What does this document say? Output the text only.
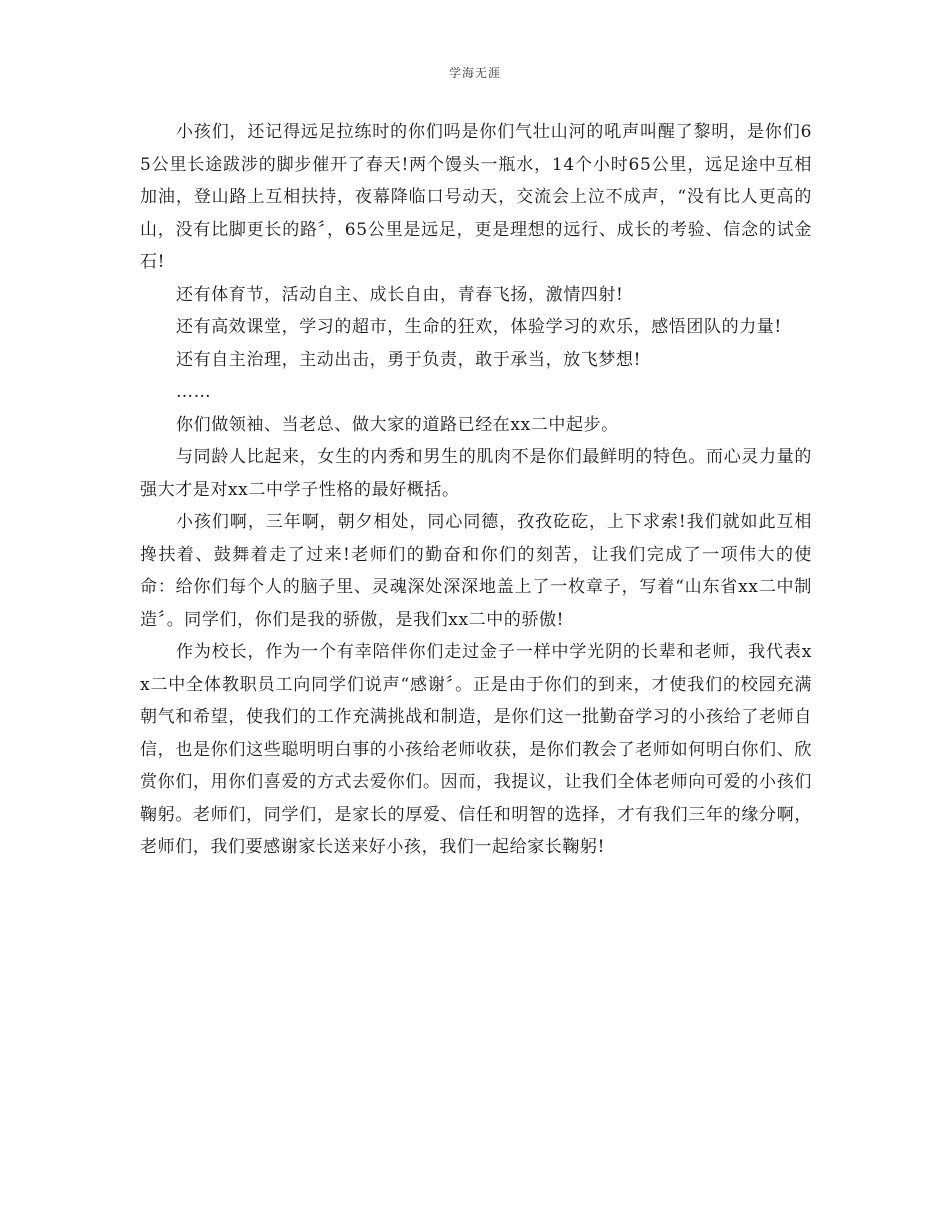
学海无涯

小孩们，还记得远足拉练时的你们吗是你们气壮山河的吼声叫醒了黎明，是你们65公里长途跋涉的脚步催开了春天!两个馒头一瓶水，14个小时65公里，远足途中互相加油，登山路上互相扶持，夜幕降临口号动天，交流会上泣不成声，“没有比人更高的山，没有比脚更长的路〞，65公里是远足，更是理想的远行、成长的考验、信念的试金石!

还有体育节，活动自主、成长自由，青春飞扬，激情四射!

还有高效课堂，学习的超市，生命的狂欢，体验学习的欢乐，感悟团队的力量!

还有自主治理，主动出击，勇于负责，敢于承当，放飞梦想!

……

你们做领袖、当老总、做大家的道路已经在xx二中起步。

与同龄人比起来，女生的内秀和男生的肌肉不是你们最鲜明的特色。而心灵力量的强大才是对xx二中学子性格的最好概括。

小孩们啊，三年啊，朝夕相处，同心同德，孜孜矻矻，上下求索!我们就如此互相搀扶着、鼓舞着走了过来!老师们的勤奋和你们的刻苦，让我们完成了一项伟大的使命：给你们每个人的脑子里、灵魂深处深深地盖上了一枚章子，写着“山东省xx二中制造〞。同学们，你们是我的骄傲，是我们xx二中的骄傲!

作为校长，作为一个有幸陪伴你们走过金子一样中学光阴的长辈和老师，我代表xx二中全体教职员工向同学们说声“感谢〞。正是由于你们的到来，才使我们的校园充满朝气和希望，使我们的工作充满挑战和制造，是你们这一批勤奋学习的小孩给了老师自信，也是你们这些聪明明白事的小孩给老师收获，是你们教会了老师如何明白你们、欣赏你们，用你们喜爱的方式去爱你们。因而，我提议，让我们全体老师向可爱的小孩们鞠躬。老师们，同学们，是家长的厚爱、信任和明智的选择，才有我们三年的缘分啊，老师们，我们要感谢家长送来好小孩，我们一起给家长鞠躬!
